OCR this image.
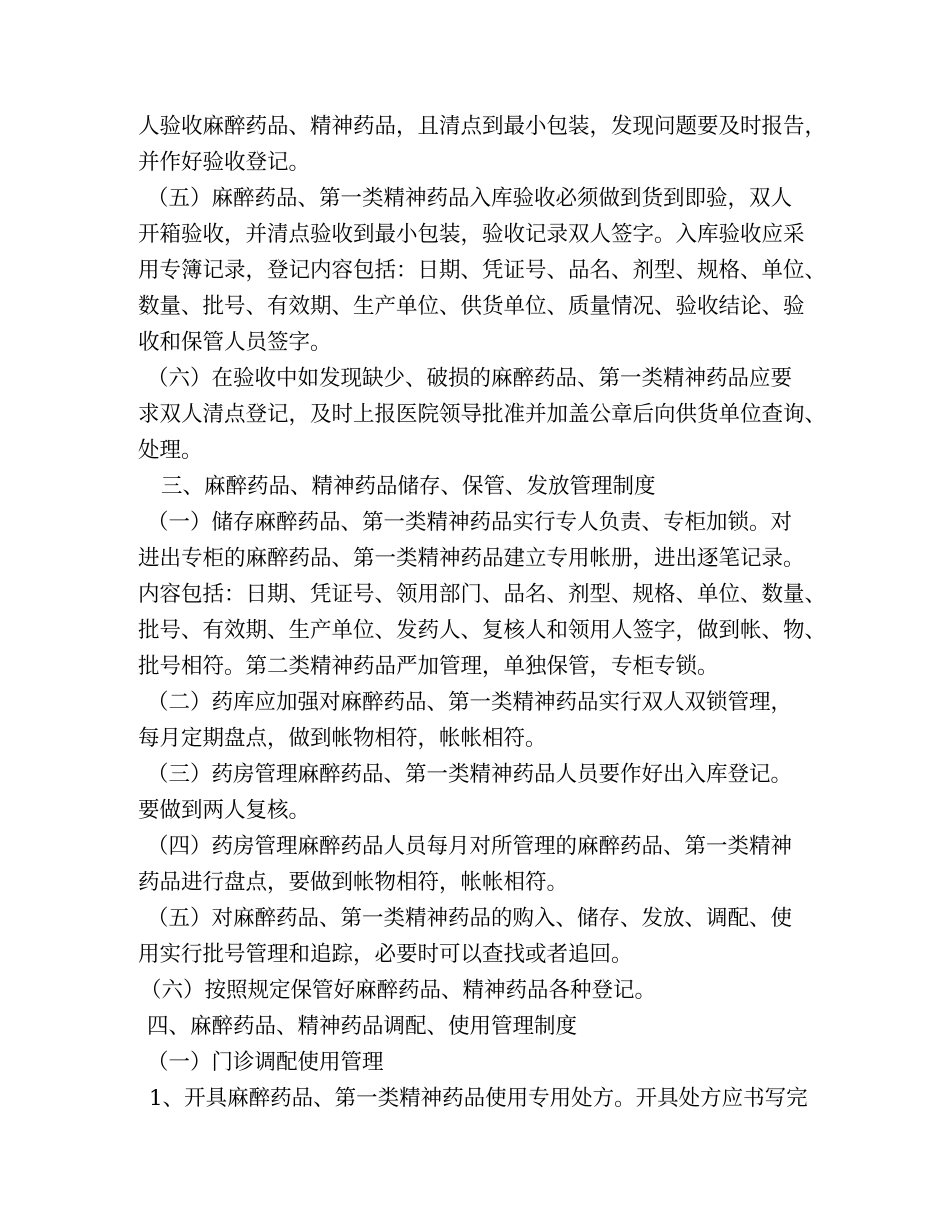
人验收麻醉药品、精神药品，且清点到最小包装，发现问题要及时报告，

并作好验收登记。

（五）麻醉药品、第一类精神药品入库验收必须做到货到即验，双人

开箱验收，并清点验收到最小包装，验收记录双人签字。入库验收应采

用专簿记录，登记内容包括：日期、凭证号、品名、剂型、规格、单位、

数量、批号、有效期、生产单位、供货单位、质量情况、验收结论、验

收和保管人员签字。

（六）在验收中如发现缺少、破损的麻醉药品、第一类精神药品应要

求双人清点登记，及时上报医院领导批准并加盖公章后向供货单位查询、

处理。

三、麻醉药品、精神药品储存、保管、发放管理制度

（一）储存麻醉药品、第一类精神药品实行专人负责、专柜加锁。对

进出专柜的麻醉药品、第一类精神药品建立专用帐册，进出逐笔记录。

内容包括：日期、凭证号、领用部门、品名、剂型、规格、单位、数量、

批号、有效期、生产单位、发药人、复核人和领用人签字，做到帐、物、

批号相符。第二类精神药品严加管理，单独保管，专柜专锁。

（二）药库应加强对麻醉药品、第一类精神药品实行双人双锁管理，

每月定期盘点，做到帐物相符，帐帐相符。

（三）药房管理麻醉药品、第一类精神药品人员要作好出入库登记。

要做到两人复核。

（四）药房管理麻醉药品人员每月对所管理的麻醉药品、第一类精神

药品进行盘点，要做到帐物相符，帐帐相符。

（五）对麻醉药品、第一类精神药品的购入、储存、发放、调配、使

用实行批号管理和追踪，必要时可以查找或者追回。

（六）按照规定保管好麻醉药品、精神药品各种登记。

四、麻醉药品、精神药品调配、使用管理制度

（一）门诊调配使用管理

1、开具麻醉药品、第一类精神药品使用专用处方。开具处方应书写完
